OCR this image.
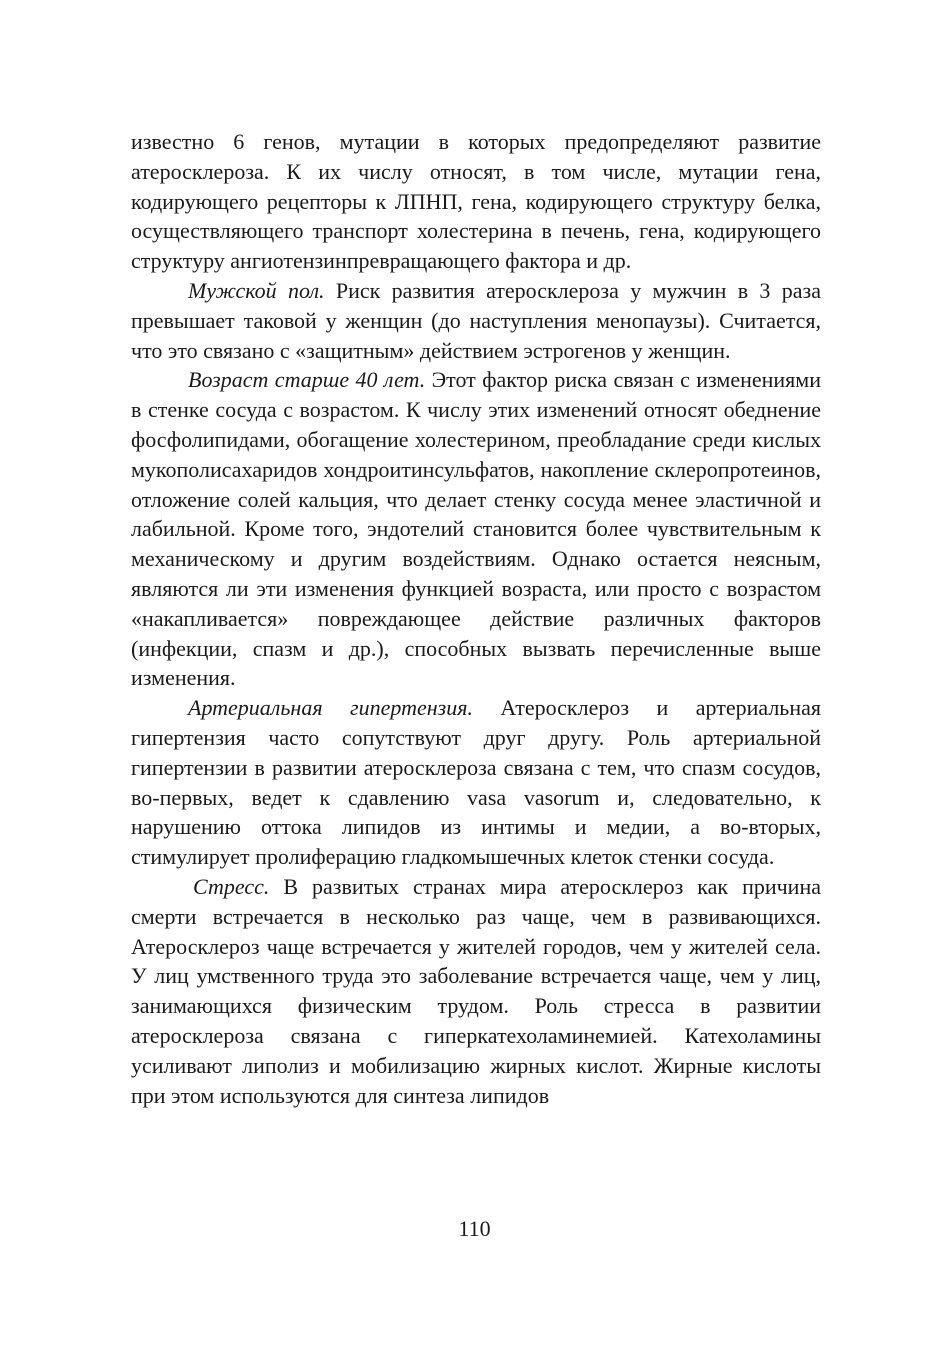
известно 6 генов, мутации в которых предопределяют развитие атеросклероза. К их числу относят, в том числе, мутации гена, кодирующего рецепторы к ЛПНП, гена, кодирующего структуру белка, осуществляющего транспорт холестерина в печень, гена, кодирующего структуру ангиотензинпревращающего фактора и др.

Мужской пол. Риск развития атеросклероза у мужчин в 3 раза превышает таковой у женщин (до наступления менопаузы). Считается, что это связано с «защитным» действием эстрогенов у женщин.

Возраст старше 40 лет. Этот фактор риска связан с изменениями в стенке сосуда с возрастом. К числу этих изменений относят обеднение фосфолипидами, обогащение холестерином, преобладание среди кислых мукополисахаридов хондроитинсульфатов, накопление склеропротеинов, отложение солей кальция, что делает стенку сосуда менее эластичной и лабильной. Кроме того, эндотелий становится более чувствительным к механическому и другим воздействиям. Однако остается неясным, являются ли эти изменения функцией возраста, или просто с возрастом «накапливается» повреждающее действие различных факторов (инфекции, спазм и др.), способных вызвать перечисленные выше изменения.

Артериальная гипертензия. Атеросклероз и артериальная гипертензия часто сопутствуют друг другу. Роль артериальной гипертензии в развитии атеросклероза связана с тем, что спазм сосудов, во-первых, ведет к сдавлению vasa vasorum и, следовательно, к нарушению оттока липидов из интимы и медии, а во-вторых, стимулирует пролиферацию гладкомышечных клеток стенки сосуда.

Стресс. В развитых странах мира атеросклероз как причина смерти встречается в несколько раз чаще, чем в развивающихся. Атеросклероз чаще встречается у жителей городов, чем у жителей села. У лиц умственного труда это заболевание встречается чаще, чем у лиц, занимающихся физическим трудом. Роль стресса в развитии атеросклероза связана с гиперкатехоламинемией. Катехоламины усиливают липолиз и мобилизацию жирных кислот. Жирные кислоты при этом используются для синтеза липидов

110
